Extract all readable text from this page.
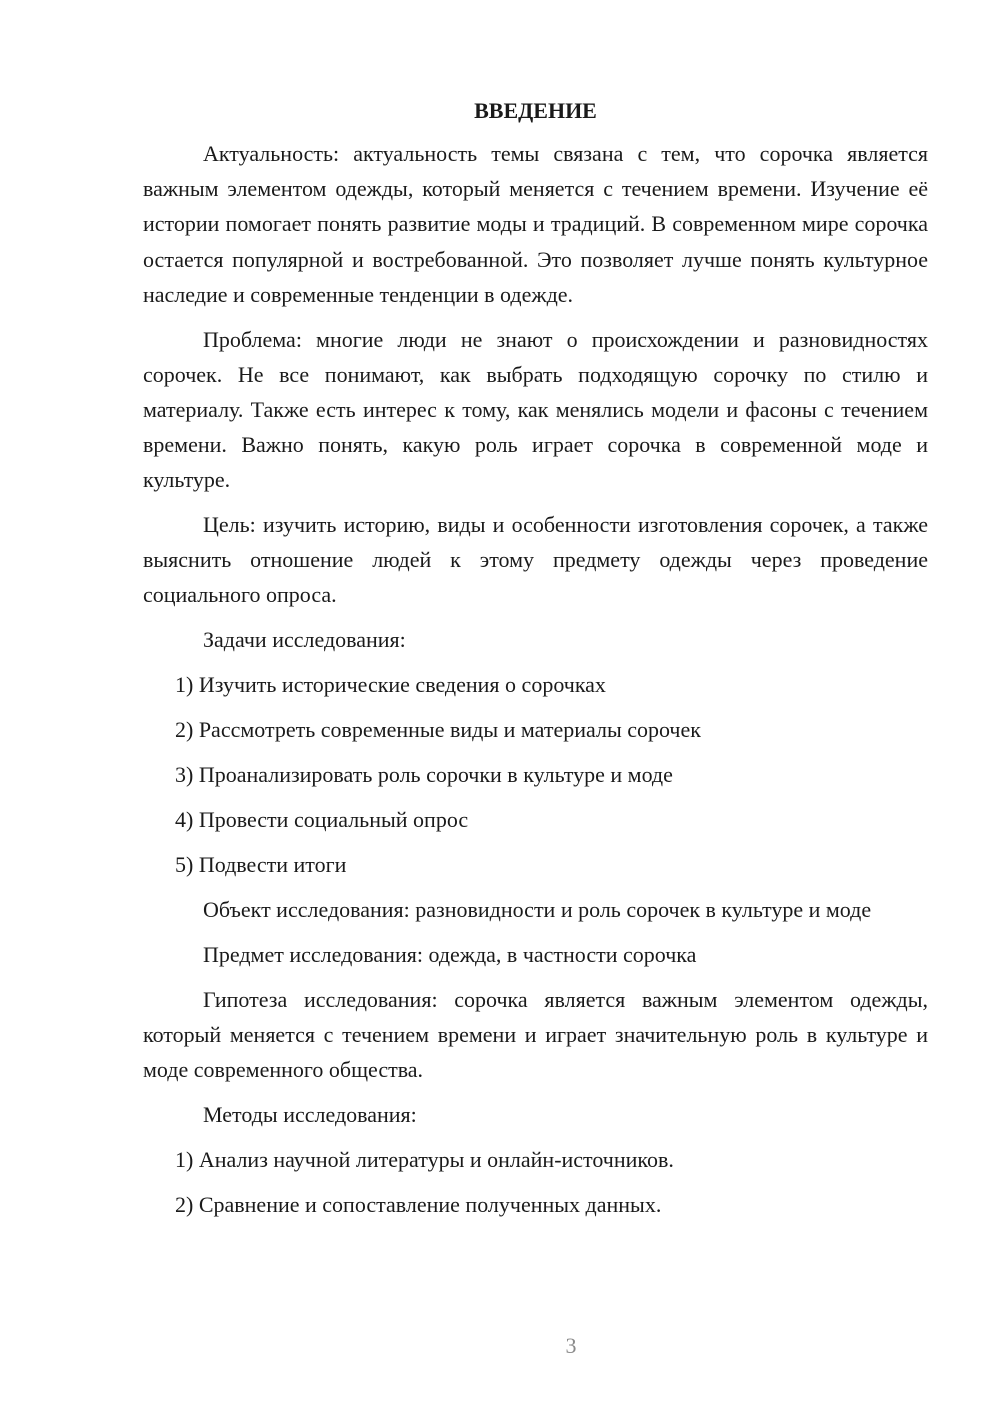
ВВЕДЕНИЕ

Актуальность: актуальность темы связана с тем, что сорочка является важным элементом одежды, который меняется с течением времени. Изучение её истории помогает понять развитие моды и традиций. В современном мире сорочка остается популярной и востребованной. Это позволяет лучше понять культурное наследие и современные тенденции в одежде.

Проблема: многие люди не знают о происхождении и разновидностях сорочек. Не все понимают, как выбрать подходящую сорочку по стилю и материалу. Также есть интерес к тому, как менялись модели и фасоны с течением времени. Важно понять, какую роль играет сорочка в современной моде и культуре.

Цель: изучить историю, виды и особенности изготовления сорочек, а также выяснить отношение людей к этому предмету одежды через проведение социального опроса.

Задачи исследования:
1) Изучить исторические сведения о сорочках
2) Рассмотреть современные виды и материалы сорочек
3) Проанализировать роль сорочки в культуре и моде
4) Провести социальный опрос
5) Подвести итоги

Объект исследования: разновидности и роль сорочек в культуре и моде

Предмет исследования: одежда, в частности сорочка

Гипотеза исследования: сорочка является важным элементом одежды, который меняется с течением времени и играет значительную роль в культуре и моде современного общества.

Методы исследования:
1) Анализ научной литературы и онлайн-источников.
2) Сравнение и сопоставление полученных данных.
3
